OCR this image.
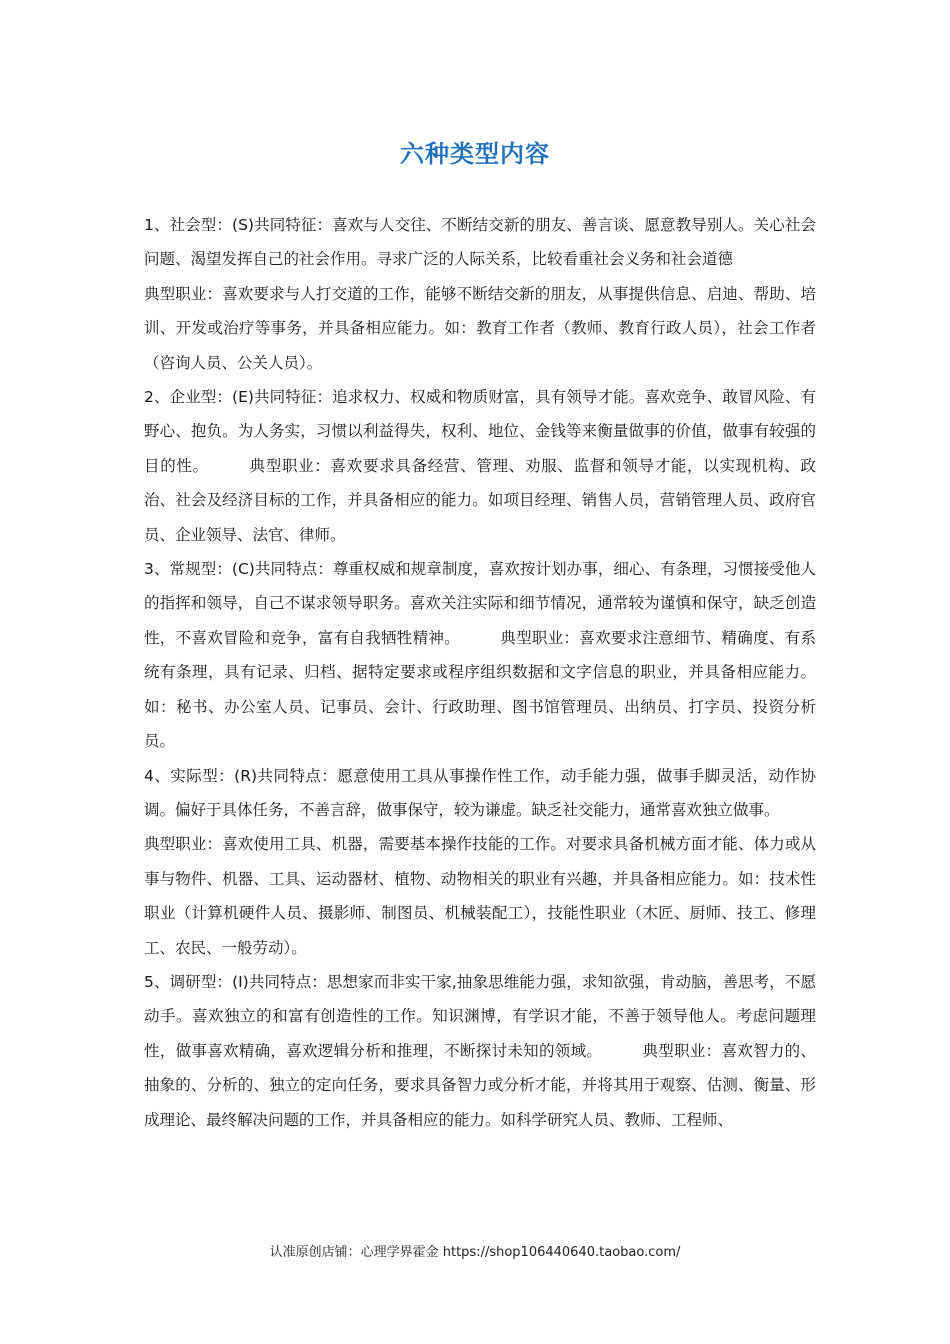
六种类型内容

1、社会型：(S)共同特征：喜欢与人交往、不断结交新的朋友、善言谈、愿意教导别人。关心社会问题、渴望发挥自己的社会作用。寻求广泛的人际关系，比较看重社会义务和社会道德

典型职业：喜欢要求与人打交道的工作，能够不断结交新的朋友，从事提供信息、启迪、帮助、培训、开发或治疗等事务，并具备相应能力。如：教育工作者（教师、教育行政人员），社会工作者（咨询人员、公关人员）。

2、企业型：(E)共同特征：追求权力、权威和物质财富，具有领导才能。喜欢竞争、敢冒风险、有野心、抱负。为人务实，习惯以利益得失，权利、地位、金钱等来衡量做事的价值，做事有较强的目的性。	典型职业：喜欢要求具备经营、管理、劝服、监督和领导才能，以实现机构、政治、社会及经济目标的工作，并具备相应的能力。如项目经理、销售人员，营销管理人员、政府官员、企业领导、法官、律师。

3、常规型：(C)共同特点：尊重权威和规章制度，喜欢按计划办事，细心、有条理，习惯接受他人的指挥和领导，自己不谋求领导职务。喜欢关注实际和细节情况，通常较为谨慎和保守，缺乏创造性，不喜欢冒险和竞争，富有自我牺牲精神。	典型职业：喜欢要求注意细节、精确度、有系统有条理，具有记录、归档、据特定要求或程序组织数据和文字信息的职业，并具备相应能力。如：秘书、办公室人员、记事员、会计、行政助理、图书馆管理员、出纳员、打字员、投资分析员。

4、实际型：(R)共同特点：愿意使用工具从事操作性工作，动手能力强，做事手脚灵活，动作协调。偏好于具体任务，不善言辞，做事保守，较为谦虚。缺乏社交能力，通常喜欢独立做事。

典型职业：喜欢使用工具、机器，需要基本操作技能的工作。对要求具备机械方面才能、体力或从事与物件、机器、工具、运动器材、植物、动物相关的职业有兴趣，并具备相应能力。如：技术性职业（计算机硬件人员、摄影师、制图员、机械装配工），技能性职业（木匠、厨师、技工、修理工、农民、一般劳动）。

5、调研型：(I)共同特点：思想家而非实干家,抽象思维能力强，求知欲强，肯动脑，善思考，不愿动手。喜欢独立的和富有创造性的工作。知识渊博，有学识才能，不善于领导他人。考虑问题理性，做事喜欢精确，喜欢逻辑分析和推理，不断探讨未知的领域。	典型职业：喜欢智力的、抽象的、分析的、独立的定向任务，要求具备智力或分析才能，并将其用于观察、估测、衡量、形成理论、最终解决问题的工作，并具备相应的能力。如科学研究人员、教师、工程师、

认准原创店铺：心理学界霍金 https://shop106440640.taobao.com/
